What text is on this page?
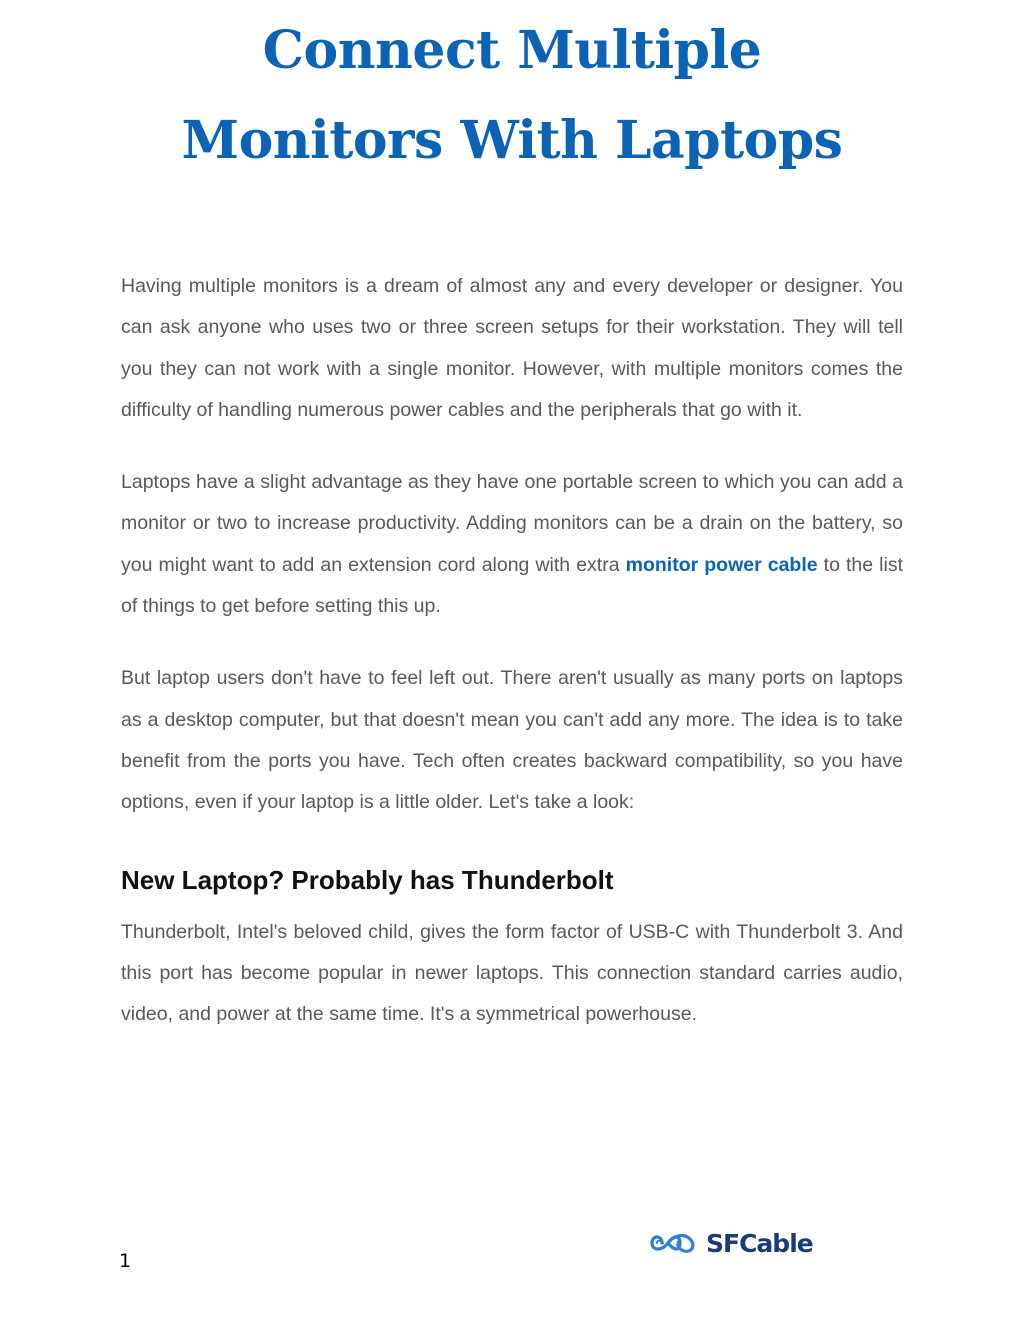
Connect Multiple
Monitors With Laptops

Having multiple monitors is a dream of almost any and every developer or designer. You can ask anyone who uses two or three screen setups for their workstation. They will tell you they can not work with a single monitor. However, with multiple monitors comes the difficulty of handling numerous power cables and the peripherals that go with it.

Laptops have a slight advantage as they have one portable screen to which you can add a monitor or two to increase productivity. Adding monitors can be a drain on the battery, so you might want to add an extension cord along with extra monitor power cable to the list of things to get before setting this up.

But laptop users don't have to feel left out. There aren't usually as many ports on laptops as a desktop computer, but that doesn't mean you can't add any more. The idea is to take benefit from the ports you have. Tech often creates backward compatibility, so you have options, even if your laptop is a little older. Let's take a look:

New Laptop? Probably has Thunderbolt

Thunderbolt, Intel's beloved child, gives the form factor of USB-C with Thunderbolt 3. And this port has become popular in newer laptops. This connection standard carries audio, video, and power at the same time. It's a symmetrical powerhouse.

1
SFCable
